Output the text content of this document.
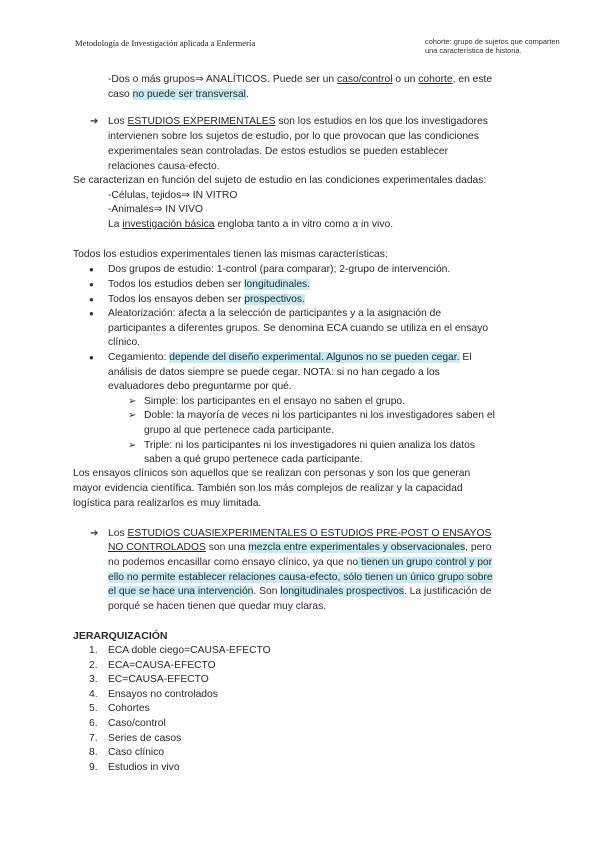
Metodología de Investigación aplicada a Enfermería	cohorte: grupo de sujetos que comparten
una característica de historia.
-Dos o más grupos⇒ ANALÍTICOS. Puede ser un caso/control o un cohorte, en este
caso no puede ser transversal.
➔ Los ESTUDIOS EXPERIMENTALES son los estudios en los que los investigadores
intervienen sobre los sujetos de estudio, por lo que provocan que las condiciones
experimentales sean controladas. De estos estudios se pueden establecer
relaciones causa-efecto.
Se caracterizan en función del sujeto de estudio en las condiciones experimentales dadas:
-Células, tejidos⇒ IN VITRO
-Animales⇒ IN VIVO
La investigación básica engloba tanto a in vitro como a in vivo.
Todos los estudios experimentales tienen las mismas características:
● Dos grupos de estudio: 1-control (para comparar); 2-grupo de intervención.
● Todos los estudios deben ser longitudinales.
● Todos los ensayos deben ser prospectivos.
● Aleatorización: afecta a la selección de participantes y a la asignación de
participantes a diferentes grupos. Se denomina ECA cuando se utiliza en el ensayo
clínico.
● Cegamiento: depende del diseño experimental. Algunos no se pueden cegar. El
análisis de datos siempre se puede cegar. NOTA: si no han cegado a los
evaluadores debo preguntarme por qué.
➢ Simple: los participantes en el ensayo no saben el grupo.
➢ Doble: la mayoría de veces ni los participantes ni los investigadores saben el
grupo al que pertenece cada participante.
➢ Triple: ni los participantes ni los investigadores ni quien analiza los datos
saben a qué grupo pertenece cada participante.
Los ensayos clínicos son aquellos que se realizan con personas y son los que generan
mayor evidencia científica. También son los más complejos de realizar y la capacidad
logística para realizarlos es muy limitada.
➔ Los ESTUDIOS CUASIEXPERIMENTALES O ESTUDIOS PRE-POST O ENSAYOS
NO CONTROLADOS son una mezcla entre experimentales y observacionales, pero
no podemos encasillar como ensayo clínico, ya que no tienen un grupo control y por
ello no permite establecer relaciones causa-efecto, sólo tienen un único grupo sobre
el que se hace una intervención. Son longitudinales prospectivos. La justificación de
porqué se hacen tienen que quedar muy claras.
JERARQUIZACIÓN
1. ECA doble ciego=CAUSA-EFECTO
2. ECA=CAUSA-EFECTO
3. EC=CAUSA-EFECTO
4. Ensayos no controlados
5. Cohortes
6. Caso/control
7. Series de casos
8. Caso clínico
9. Estudios in vivo
